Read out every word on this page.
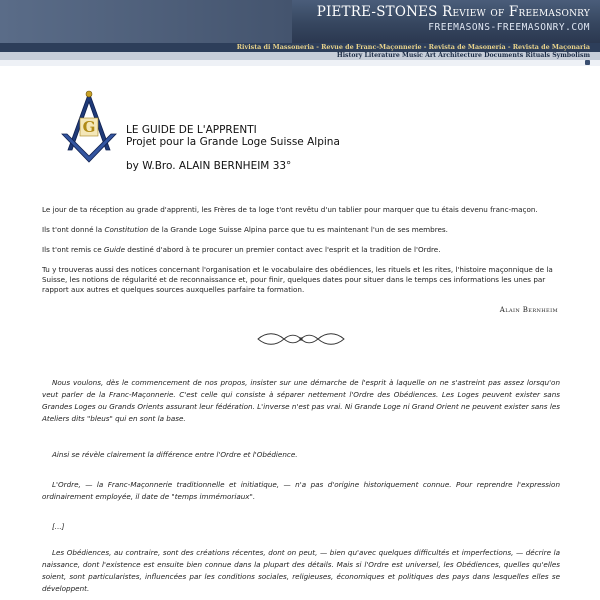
PIETRE-STONES Review of Freemasonry
FREEMASONS-FREEMASONRY.COM
Rivista di Massoneria - Revue de Franc-Maçonnerie - Revista de Masonería - Revista de Maçonaria
History Literature Music Art Architecture Documents Rituals Symbolism
G	LE GUIDE DE L'APPRENTI
Projet pour la Grande Loge Suisse Alpina
by W.Bro. ALAIN BERNHEIM 33°
Le jour de ta réception au grade d'apprenti, les Frères de ta loge t'ont revêtu d'un tablier pour marquer que tu étais devenu franc-maçon.
Ils t'ont donné la Constitution de la Grande Loge Suisse Alpina parce que tu es maintenant l'un de ses membres.
Ils t'ont remis ce Guide destiné d'abord à te procurer un premier contact avec l'esprit et la tradition de l'Ordre.
Tu y trouveras aussi des notices concernant l'organisation et le vocabulaire des obédiences, les rituels et les rites, l'histoire maçonnique de la Suisse, les notions de régularité et de reconnaissance et, pour finir, quelques dates pour situer dans le temps ces informations les unes par rapport aux autres et quelques sources auxquelles parfaire ta formation.
Alain Bernheim
Nous voulons, dès le commencement de nos propos, insister sur une démarche de l'esprit à laquelle on ne s'astreint pas assez lorsqu'on veut parler de la Franc-Maçonnerie. C'est celle qui consiste à séparer nettement l'Ordre des Obédiences. Les Loges peuvent exister sans Grandes Loges ou Grands Orients assurant leur fédération. L'inverse n'est pas vrai. Ni Grande Loge ni Grand Orient ne peuvent exister sans les Ateliers dits "bleus" qui en sont la base.
Ainsi se révèle clairement la différence entre l'Ordre et l'Obédience.
L'Ordre, — la Franc-Maçonnerie traditionnelle et initiatique, — n'a pas d'origine historiquement connue. Pour reprendre l'expression ordinairement employée, il date de "temps immémoriaux".
[...]
Les Obédiences, au contraire, sont des créations récentes, dont on peut, — bien qu'avec quelques difficultés et imperfections, — décrire la naissance, dont l'existence est ensuite bien connue dans la plupart des détails. Mais si l'Ordre est universel, les Obédiences, quelles qu'elles soient, sont particularistes, influencées par les conditions sociales, religieuses, économiques et politiques des pays dans lesquelles elles se développent.
